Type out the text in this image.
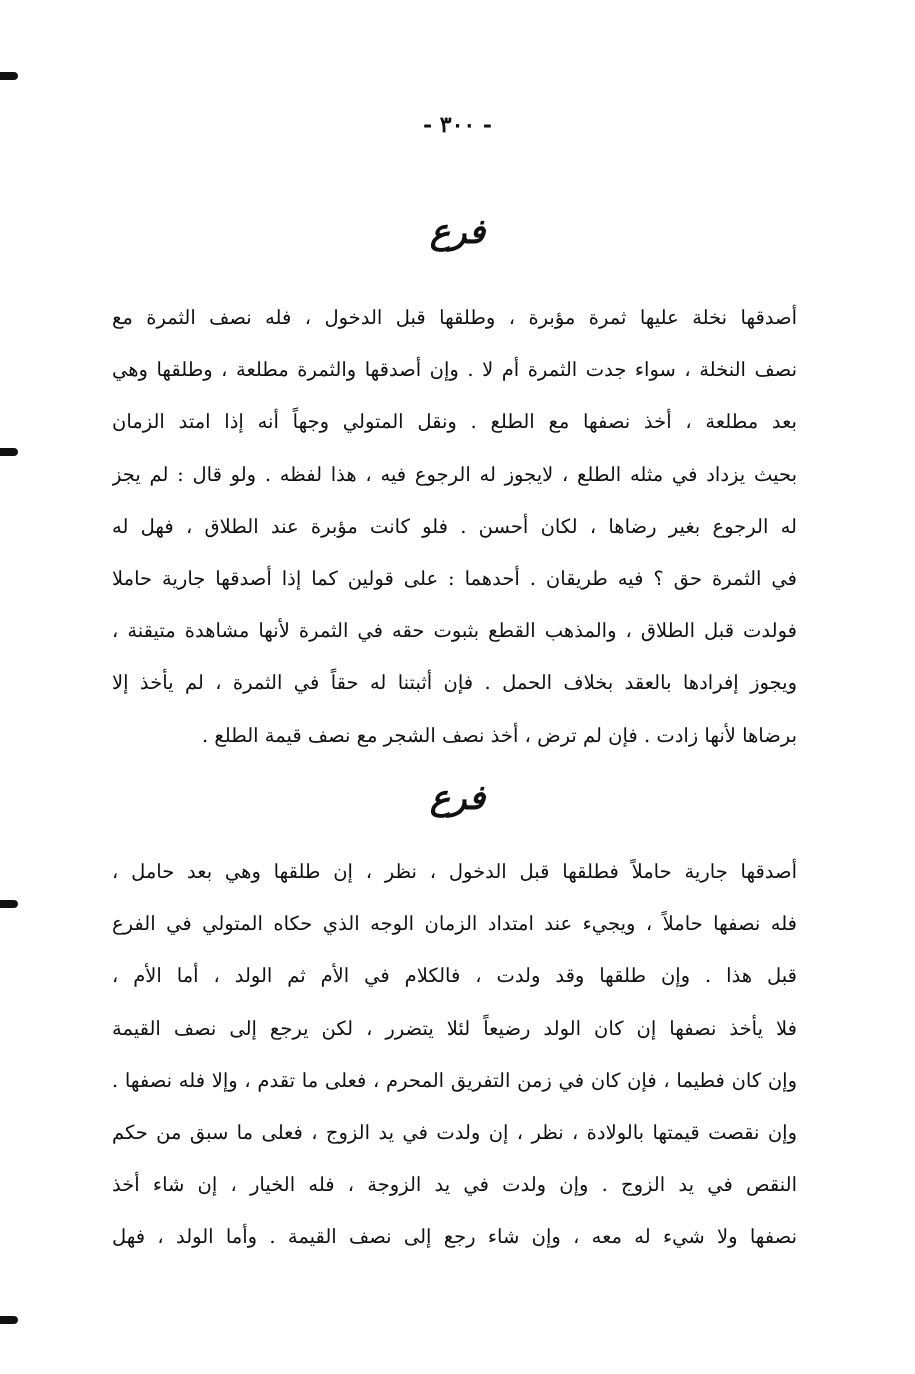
- ٣٠٠ -
فرع
أصدقها نخلة عليها ثمرة مؤبرة ، وطلقها قبل الدخول ، فله نصف الثمرة مع
نصف النخلة ، سواء جدت الثمرة أم لا . وإن أصدقها والثمرة مطلعة ، وطلقها وهي
بعد مطلعة ، أخذ نصفها مع الطلع . ونقل المتولي وجهاً أنه إذا امتد الزمان
بحيث يزداد في مثله الطلع ، لايجوز له الرجوع فيه ، هذا لفظه . ولو قال : لم يجز
له الرجوع بغير رضاها ، لكان أحسن . فلو كانت مؤبرة عند الطلاق ، فهل له
في الثمرة حق ؟ فيه طريقان . أحدهما : على قولين كما إذا أصدقها جارية حاملا
فولدت قبل الطلاق ، والمذهب القطع بثبوت حقه في الثمرة لأنها مشاهدة متيقنة ،
ويجوز إفرادها بالعقد بخلاف الحمل . فإن أثبتنا له حقاً في الثمرة ، لم يأخذ إلا
برضاها لأنها زادت . فإن لم ترض ، أخذ نصف الشجر مع نصف قيمة الطلع .
فرع
أصدقها جارية حاملاً فطلقها قبل الدخول ، نظر ، إن طلقها وهي بعد حامل ،
فله نصفها حاملاً ، ويجيء عند امتداد الزمان الوجه الذي حكاه المتولي في الفرع
قبل هذا . وإن طلقها وقد ولدت ، فالكلام في الأم ثم الولد ، أما الأم ،
فلا يأخذ نصفها إن كان الولد رضيعاً لئلا يتضرر ، لكن يرجع إلى نصف القيمة
وإن كان فطيما ، فإن كان في زمن التفريق المحرم ، فعلى ما تقدم ، وإلا فله نصفها .
وإن نقصت قيمتها بالولادة ، نظر ، إن ولدت في يد الزوج ، فعلى ما سبق من حكم
النقص في يد الزوج . وإن ولدت في يد الزوجة ، فله الخيار ، إن شاء أخذ
نصفها ولا شيء له معه ، وإن شاء رجع إلى نصف القيمة . وأما الولد ، فهل
